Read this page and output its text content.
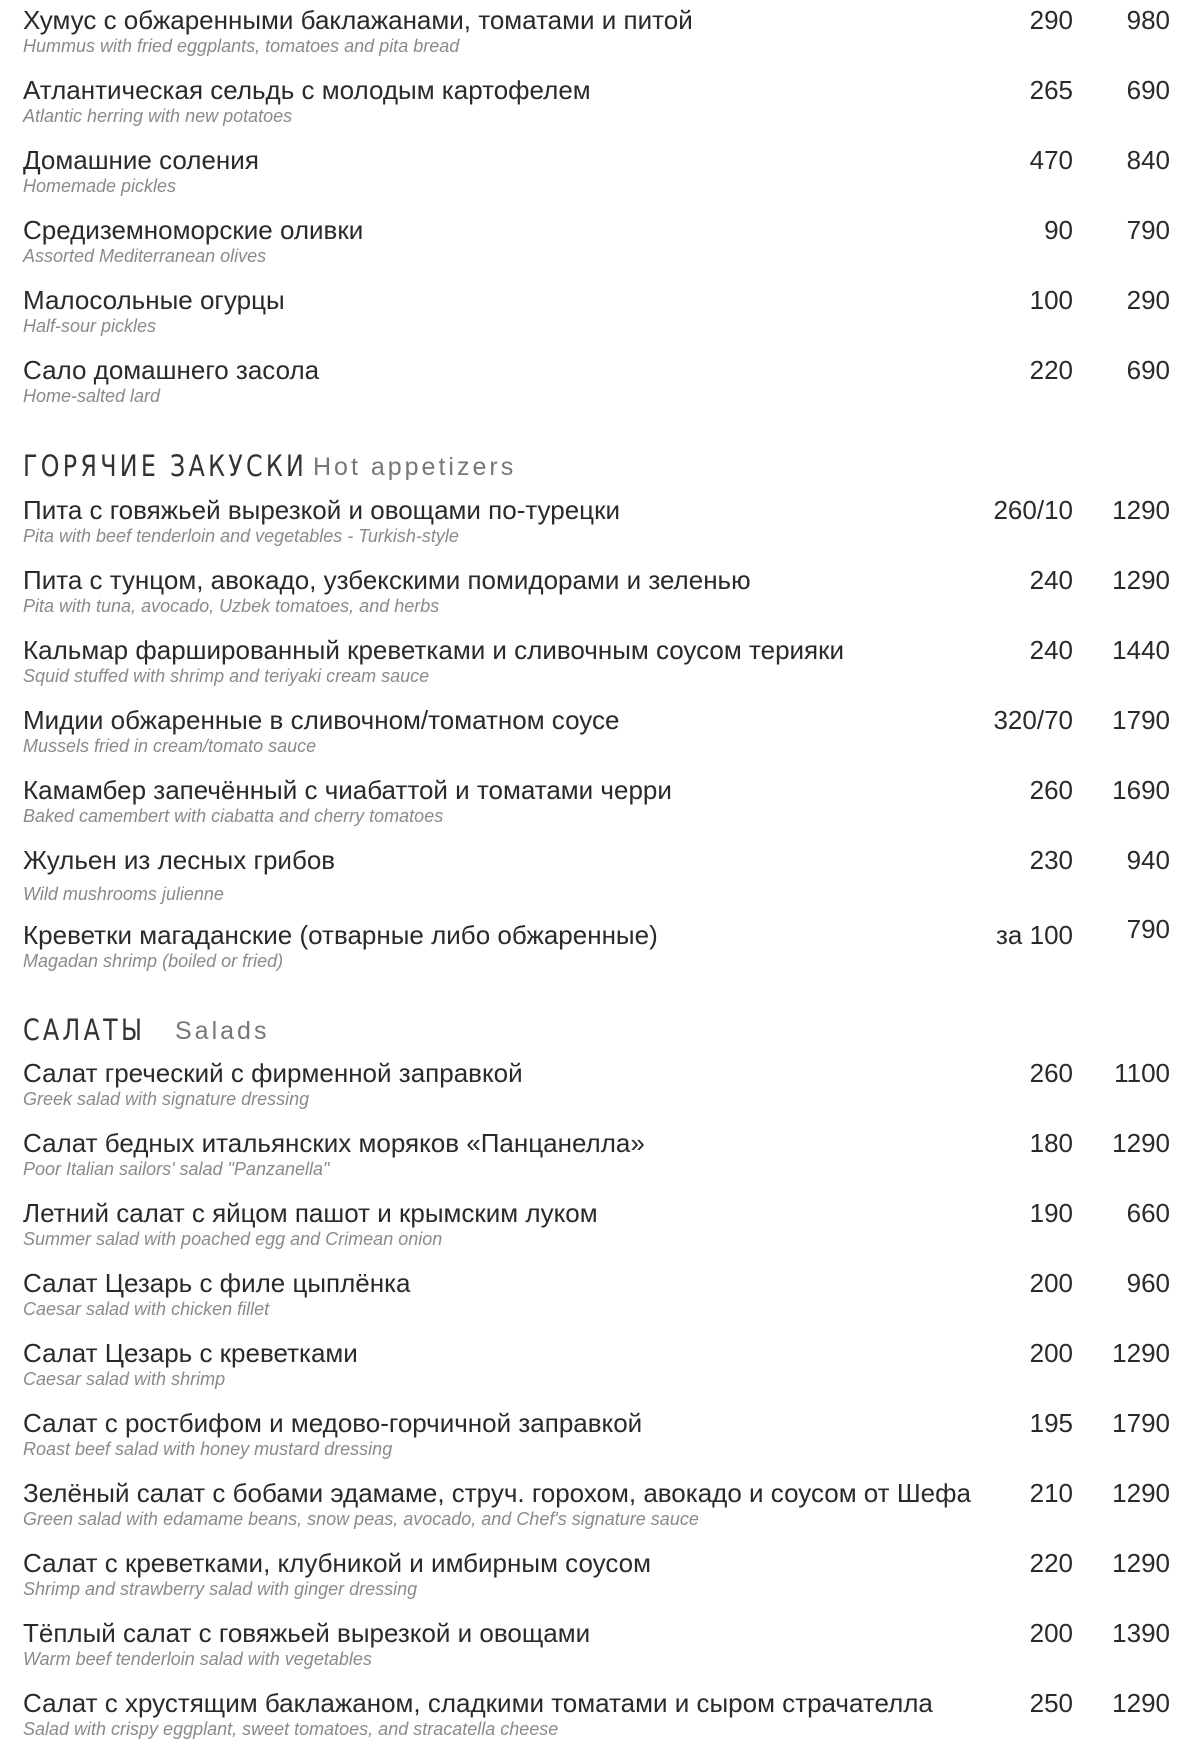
Хумус с обжаренными баклажанами, томатами и питой
Hummus with fried eggplants, tomatoes and pita bread
290 980
Атлантическая сельдь с молодым картофелем
Atlantic herring with new potatoes
265 690
Домашние соления
Homemade pickles
470 840
Средиземноморские оливки
Assorted Mediterranean olives
90 790
Малосольные огурцы
Half-sour pickles
100 290
Сало домашнего засола
Home-salted lard
220 690
ГОРЯЧИЕ ЗАКУСКИ Hot appetizers
Пита с говяжьей вырезкой и овощами по-турецки
Pita with beef tenderloin and vegetables - Turkish-style
260/10 1290
Пита с тунцом, авокадо, узбекскими помидорами и зеленью
Pita with tuna, avocado, Uzbek tomatoes, and herbs
240 1290
Кальмар фаршированный креветками и сливочным соусом терияки
Squid stuffed with shrimp and teriyaki cream sauce
240 1440
Мидии обжаренные в сливочном/томатном соусе
Mussels fried in cream/tomato sauce
320/70 1790
Камамбер запечённый с чиабаттой и томатами черри
Baked camembert with ciabatta and cherry tomatoes
260 1690
Жульен из лесных грибов
Wild mushrooms julienne
230 940
Креветки магаданские (отварные либо обжаренные)
Magadan shrimp (boiled or fried)
за 100 790
САЛАТЫ Salads
Салат греческий с фирменной заправкой
Greek salad with signature dressing
260 1100
Салат бедных итальянских моряков «Панцанелла»
Poor Italian sailors' salad "Panzanella"
180 1290
Летний салат с яйцом пашот и крымским луком
Summer salad with poached egg and Crimean onion
190 660
Салат Цезарь с филе цыплёнка
Caesar salad with chicken fillet
200 960
Салат Цезарь с креветками
Caesar salad with shrimp
200 1290
Салат с ростбифом и медово-горчичной заправкой
Roast beef salad with honey mustard dressing
195 1790
Зелёный салат с бобами эдамаме, струч. горохом, авокадо и соусом от Шефа
Green salad with edamame beans, snow peas, avocado, and Chef's signature sauce
210 1290
Салат с креветками, клубникой и имбирным соусом
Shrimp and strawberry salad with ginger dressing
220 1290
Тёплый салат с говяжьей вырезкой и овощами
Warm beef tenderloin salad with vegetables
200 1390
Салат с хрустящим баклажаном, сладкими томатами и сыром страчателла
Salad with crispy eggplant, sweet tomatoes, and stracatella cheese
250 1290
